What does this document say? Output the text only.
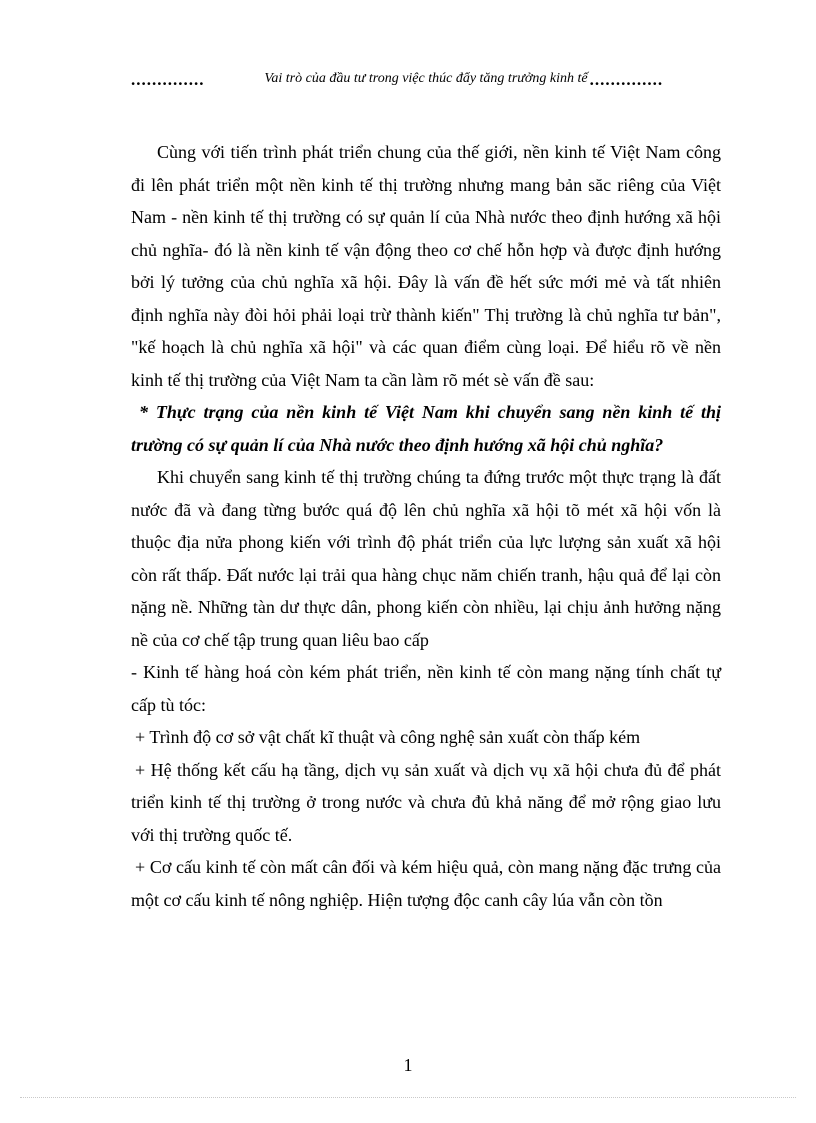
..............	Vai trò của đầu tư trong việc thúc đẩy tăng trưởng kinh tế ..............

Cùng với tiến trình phát triển chung của thế giới, nền kinh tế Việt Nam công đi lên phát triển một nền kinh tế thị trường nhưng mang bản săc riêng của Việt Nam - nền kinh tế thị trường có sự quản lí của Nhà nước theo định hướng xã hội chủ nghĩa- đó là nền kinh tế vận động theo cơ chế hỗn hợp và được định hướng bởi lý tưởng của chủ nghĩa xã hội. Đây là vấn đề hết sức mới mẻ và tất nhiên định nghĩa này đòi hỏi phải loại trừ thành kiến" Thị trường là chủ nghĩa tư bản", "kế hoạch là chủ nghĩa xã hội" và các quan điểm cùng loại. Để hiểu rõ về nền kinh tế thị trường của Việt Nam ta cần làm rõ mét sè vấn đề sau:

* Thực trạng của nền kinh tế Việt Nam khi chuyển sang nền kinh tế thị trường có sự quản lí của Nhà nước theo định hướng xã hội chủ nghĩa?

Khi chuyển sang kinh tế thị trường chúng ta đứng trước một thực trạng là đất nước đã và đang từng bước quá độ lên chủ nghĩa xã hội tõ mét xã hội vốn là thuộc địa nửa phong kiến với trình độ phát triển của lực lượng sản xuất xã hội còn rất thấp. Đất nước lại trải qua hàng chục năm chiến tranh, hậu quả để lại còn nặng nề. Những tàn dư thực dân, phong kiến còn nhiều, lại chịu ảnh hưởng nặng nề của cơ chế tập trung quan liêu bao cấp

- Kinh tế hàng hoá còn kém phát triển, nền kinh tế còn mang nặng tính chất tự cấp tù tóc:

+ Trình độ cơ sở vật chất kĩ thuật và công nghệ sản xuất còn thấp kém

+ Hệ thống kết cấu hạ tầng, dịch vụ sản xuất và dịch vụ xã hội chưa đủ để phát triển kinh tế thị trường ở trong nước và chưa đủ khả năng để mở rộng giao lưu với thị trường quốc tế.

+ Cơ cấu kinh tế còn mất cân đối và kém hiệu quả, còn mang nặng đặc trưng của một cơ cấu kinh tế nông nghiệp. Hiện tượng độc canh cây lúa vẫn còn tồn

1
